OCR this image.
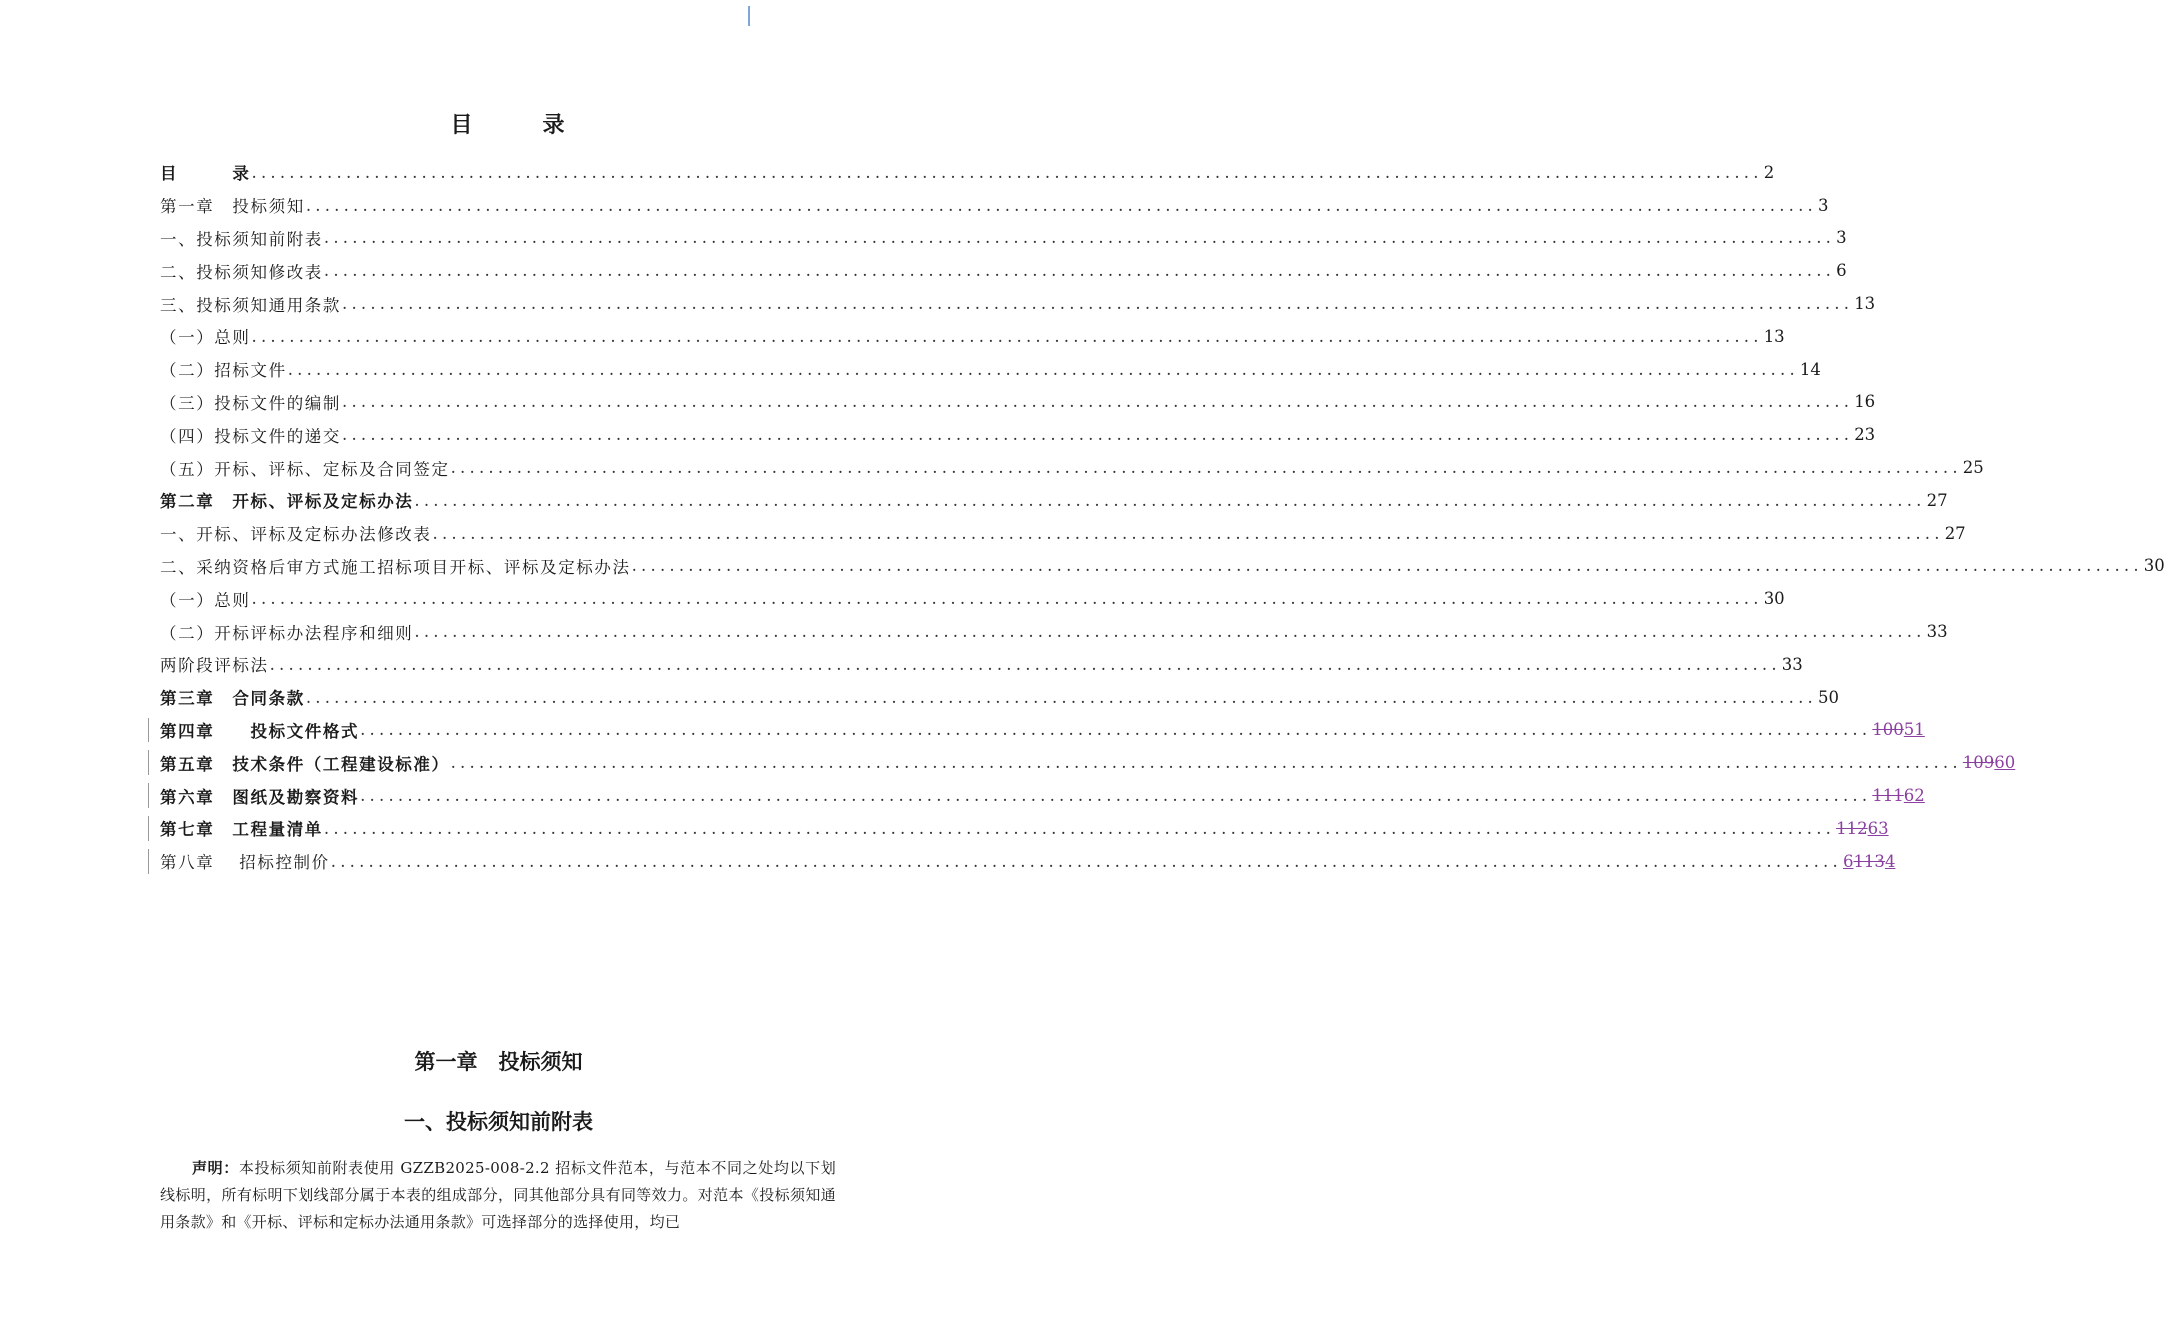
目	录
目　　　录 ................................................................................................................................................................ 2
第一章　投标须知 ................................................................................................................................................................ 3
一、投标须知前附表 ................................................................................................................................................................ 3
二、投标须知修改表 ................................................................................................................................................................ 6
三、投标须知通用条款 ................................................................................................................................................................ 13
（一）总则 ................................................................................................................................................................ 13
（二）招标文件 ................................................................................................................................................................ 14
（三）投标文件的编制 ................................................................................................................................................................ 16
（四）投标文件的递交 ................................................................................................................................................................ 23
（五）开标、评标、定标及合同签定 ................................................................................................................................................................ 25
第二章　开标、评标及定标办法 ................................................................................................................................................................ 27
一、开标、评标及定标办法修改表 ................................................................................................................................................................ 27
二、采纳资格后审方式施工招标项目开标、评标及定标办法 ................................................................................................................................................................ 30
（一）总则 ................................................................................................................................................................ 30
（二）开标评标办法程序和细则 ................................................................................................................................................................ 33
两阶段评标法 ................................................................................................................................................................ 33
第三章　合同条款 ................................................................................................................................................................ 50
第四章　　投标文件格式 ................................................................................................................................................................ 10051
第五章　技术条件（工程建设标准） ................................................................................................................................................................ 10960
第六章　图纸及勘察资料 ................................................................................................................................................................ 11162
第七章　工程量清单 ................................................................................................................................................................ 11263
第八章　 招标控制价 ................................................................................................................................................................ 61134
第一章　投标须知
一、投标须知前附表
声明：本投标须知前附表使用 GZZB2025-008-2.2 招标文件范本，与范本不同之处均以下划线标明，所有标明下划线部分属于本表的组成部分，同其他部分具有同等效力。对范本《投标须知通用条款》和《开标、评标和定标办法通用条款》可选择部分的选择使用，均已
